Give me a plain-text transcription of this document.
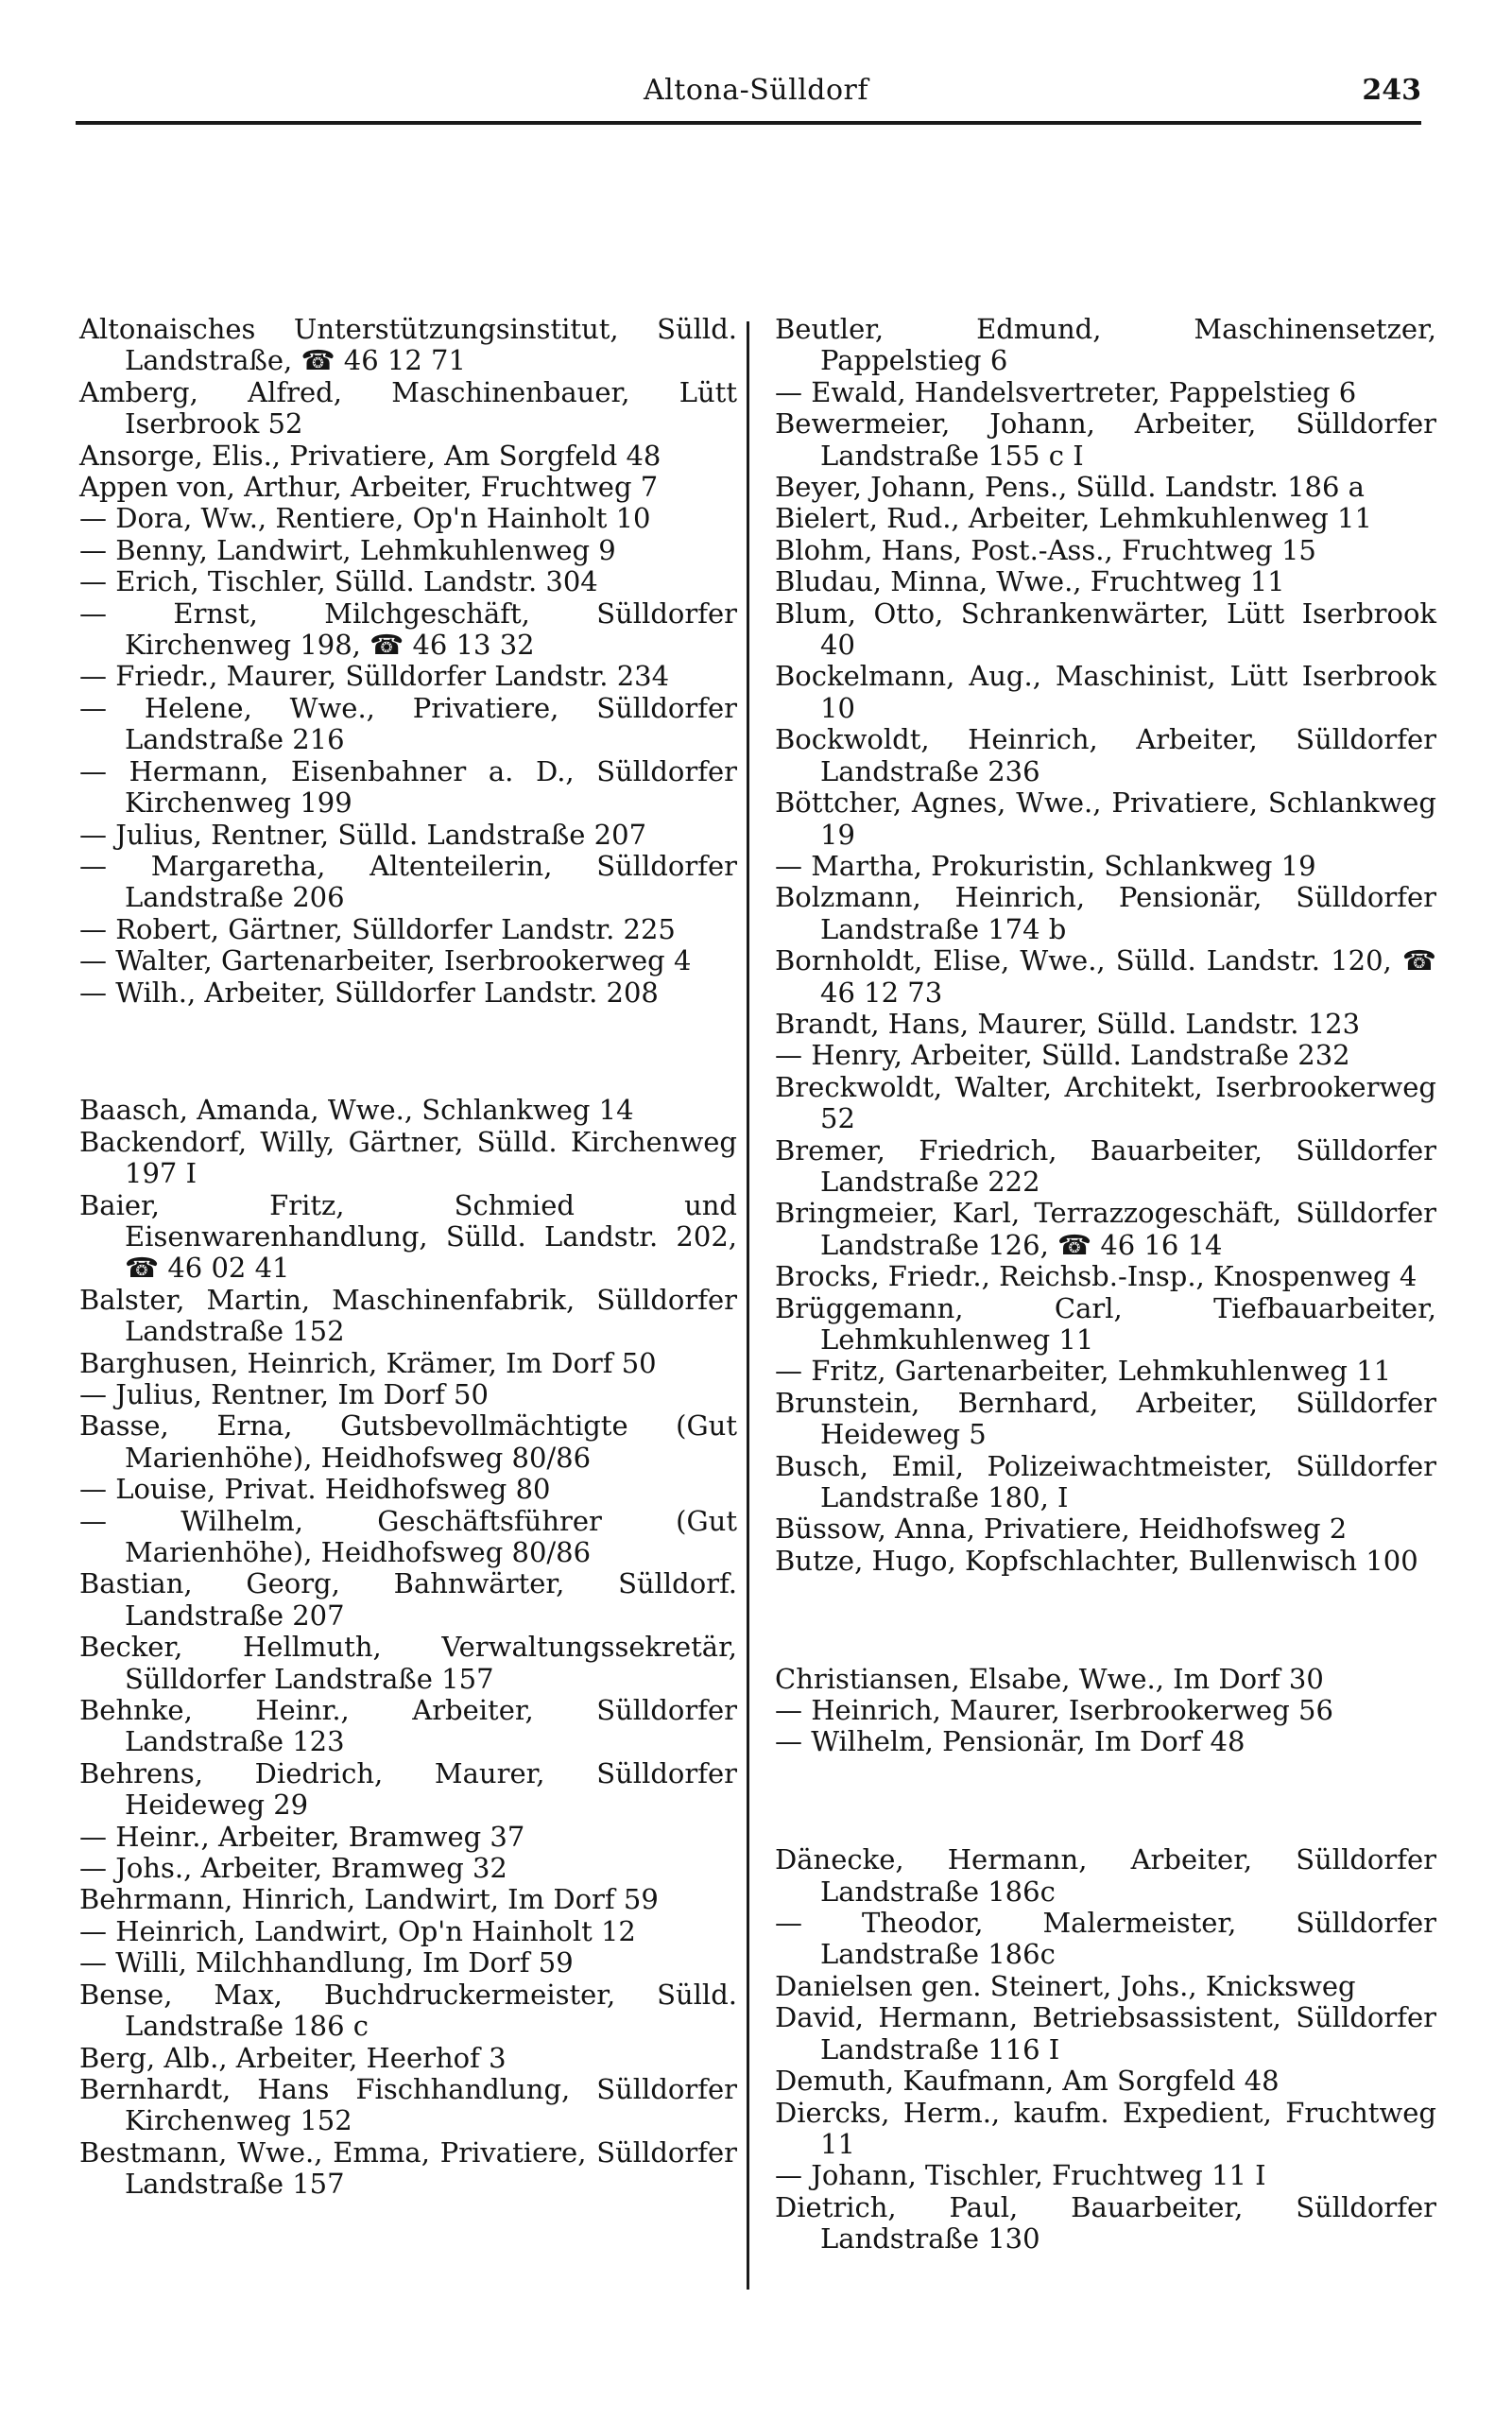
Altona-Sülldorf	243

Altonaisches Unterstützungsinstitut, Sülld. Landstraße, ☎ 46 12 71

Amberg, Alfred, Maschinenbauer, Lütt Iserbrook 52

Ansorge, Elis., Privatiere, Am Sorgfeld 48

Appen von, Arthur, Arbeiter, Fruchtweg 7

— Dora, Ww., Rentiere, Op'n Hainholt 10

— Benny, Landwirt, Lehmkuhlenweg 9

— Erich, Tischler, Sülld. Landstr. 304

— Ernst, Milchgeschäft, Sülldorfer Kirchenweg 198, ☎ 46 13 32

— Friedr., Maurer, Sülldorfer Landstr. 234

— Helene, Wwe., Privatiere, Sülldorfer Landstraße 216

— Hermann, Eisenbahner a. D., Sülldorfer Kirchenweg 199

— Julius, Rentner, Sülld. Landstraße 207

— Margaretha, Altenteilerin, Sülldorfer Landstraße 206

— Robert, Gärtner, Sülldorfer Landstr. 225

— Walter, Gartenarbeiter, Iserbrookerweg 4

— Wilh., Arbeiter, Sülldorfer Landstr. 208

Baasch, Amanda, Wwe., Schlankweg 14

Backendorf, Willy, Gärtner, Sülld. Kirchenweg 197 I

Baier, Fritz, Schmied und Eisenwarenhandlung, Sülld. Landstr. 202, ☎ 46 02 41

Balster, Martin, Maschinenfabrik, Sülldorfer Landstraße 152

Barghusen, Heinrich, Krämer, Im Dorf 50

— Julius, Rentner, Im Dorf 50

Basse, Erna, Gutsbevollmächtigte (Gut Marienhöhe), Heidhofsweg 80/86

— Louise, Privat. Heidhofsweg 80

— Wilhelm, Geschäftsführer (Gut Marienhöhe), Heidhofsweg 80/86

Bastian, Georg, Bahnwärter, Sülldorf. Landstraße 207

Becker, Hellmuth, Verwaltungssekretär, Sülldorfer Landstraße 157

Behnke, Heinr., Arbeiter, Sülldorfer Landstraße 123

Behrens, Diedrich, Maurer, Sülldorfer Heideweg 29

— Heinr., Arbeiter, Bramweg 37

— Johs., Arbeiter, Bramweg 32

Behrmann, Hinrich, Landwirt, Im Dorf 59

— Heinrich, Landwirt, Op'n Hainholt 12

— Willi, Milchhandlung, Im Dorf 59

Bense, Max, Buchdruckermeister, Sülld. Landstraße 186 c

Berg, Alb., Arbeiter, Heerhof 3

Bernhardt, Hans Fischhandlung, Sülldorfer Kirchenweg 152

Bestmann, Wwe., Emma, Privatiere, Sülldorfer Landstraße 157

Beutler, Edmund, Maschinensetzer, Pappelstieg 6

— Ewald, Handelsvertreter, Pappelstieg 6

Bewermeier, Johann, Arbeiter, Sülldorfer Landstraße 155 c I

Beyer, Johann, Pens., Sülld. Landstr. 186 a

Bielert, Rud., Arbeiter, Lehmkuhlenweg 11

Blohm, Hans, Post.-Ass., Fruchtweg 15

Bludau, Minna, Wwe., Fruchtweg 11

Blum, Otto, Schrankenwärter, Lütt Iserbrook 40

Bockelmann, Aug., Maschinist, Lütt Iserbrook 10

Bockwoldt, Heinrich, Arbeiter, Sülldorfer Landstraße 236

Böttcher, Agnes, Wwe., Privatiere, Schlankweg 19

— Martha, Prokuristin, Schlankweg 19

Bolzmann, Heinrich, Pensionär, Sülldorfer Landstraße 174 b

Bornholdt, Elise, Wwe., Sülld. Landstr. 120, ☎ 46 12 73

Brandt, Hans, Maurer, Sülld. Landstr. 123

— Henry, Arbeiter, Sülld. Landstraße 232

Breckwoldt, Walter, Architekt, Iserbrookerweg 52

Bremer, Friedrich, Bauarbeiter, Sülldorfer Landstraße 222

Bringmeier, Karl, Terrazzogeschäft, Sülldorfer Landstraße 126, ☎ 46 16 14

Brocks, Friedr., Reichsb.-Insp., Knospenweg 4

Brüggemann, Carl, Tiefbauarbeiter, Lehmkuhlenweg 11

— Fritz, Gartenarbeiter, Lehmkuhlenweg 11

Brunstein, Bernhard, Arbeiter, Sülldorfer Heideweg 5

Busch, Emil, Polizeiwachtmeister, Sülldorfer Landstraße 180, I

Büssow, Anna, Privatiere, Heidhofsweg 2

Butze, Hugo, Kopfschlachter, Bullenwisch 100

Christiansen, Elsabe, Wwe., Im Dorf 30

— Heinrich, Maurer, Iserbrookerweg 56

— Wilhelm, Pensionär, Im Dorf 48

Dänecke, Hermann, Arbeiter, Sülldorfer Landstraße 186c

— Theodor, Malermeister, Sülldorfer Landstraße 186c

Danielsen gen. Steinert, Johs., Knicksweg

David, Hermann, Betriebsassistent, Sülldorfer Landstraße 116 I

Demuth, Kaufmann, Am Sorgfeld 48

Diercks, Herm., kaufm. Expedient, Fruchtweg 11

— Johann, Tischler, Fruchtweg 11 I

Dietrich, Paul, Bauarbeiter, Sülldorfer Landstraße 130
